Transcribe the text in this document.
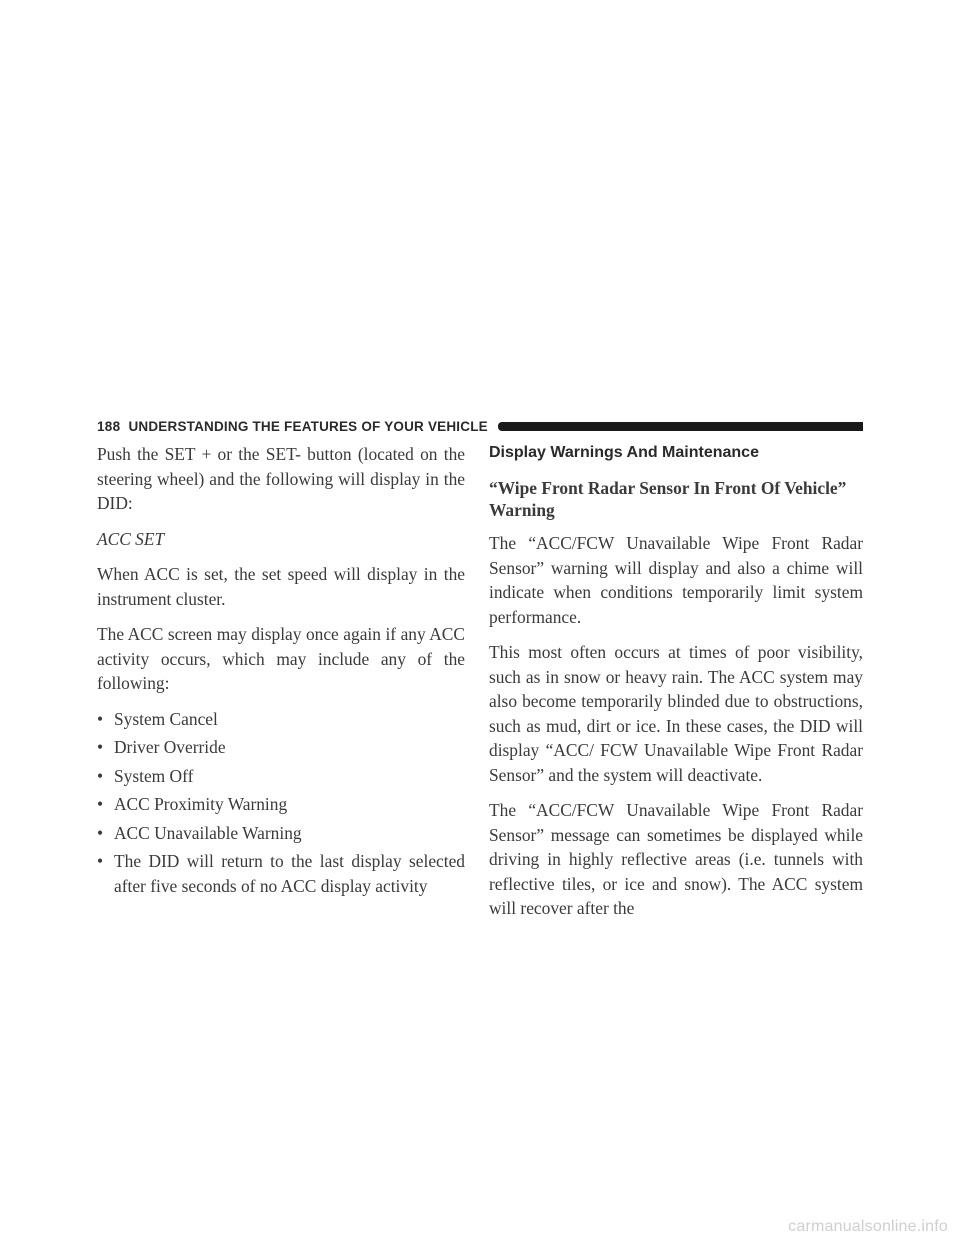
188 UNDERSTANDING THE FEATURES OF YOUR VEHICLE

Push the SET + or the SET- button (located on the steering wheel) and the following will display in the DID:

ACC SET

When ACC is set, the set speed will display in the instrument cluster.

The ACC screen may display once again if any ACC activity occurs, which may include any of the following:

• System Cancel
• Driver Override
• System Off
• ACC Proximity Warning
• ACC Unavailable Warning
• The DID will return to the last display selected after five seconds of no ACC display activity
Display Warnings And Maintenance
“Wipe Front Radar Sensor In Front Of Vehicle” Warning

The “ACC/FCW Unavailable Wipe Front Radar Sensor” warning will display and also a chime will indicate when conditions temporarily limit system performance.

This most often occurs at times of poor visibility, such as in snow or heavy rain. The ACC system may also become temporarily blinded due to obstructions, such as mud, dirt or ice. In these cases, the DID will display “ACC/ FCW Unavailable Wipe Front Radar Sensor” and the system will deactivate.

The “ACC/FCW Unavailable Wipe Front Radar Sensor” message can sometimes be displayed while driving in highly reflective areas (i.e. tunnels with reflective tiles, or ice and snow). The ACC system will recover after the

carmanualsonline.info
